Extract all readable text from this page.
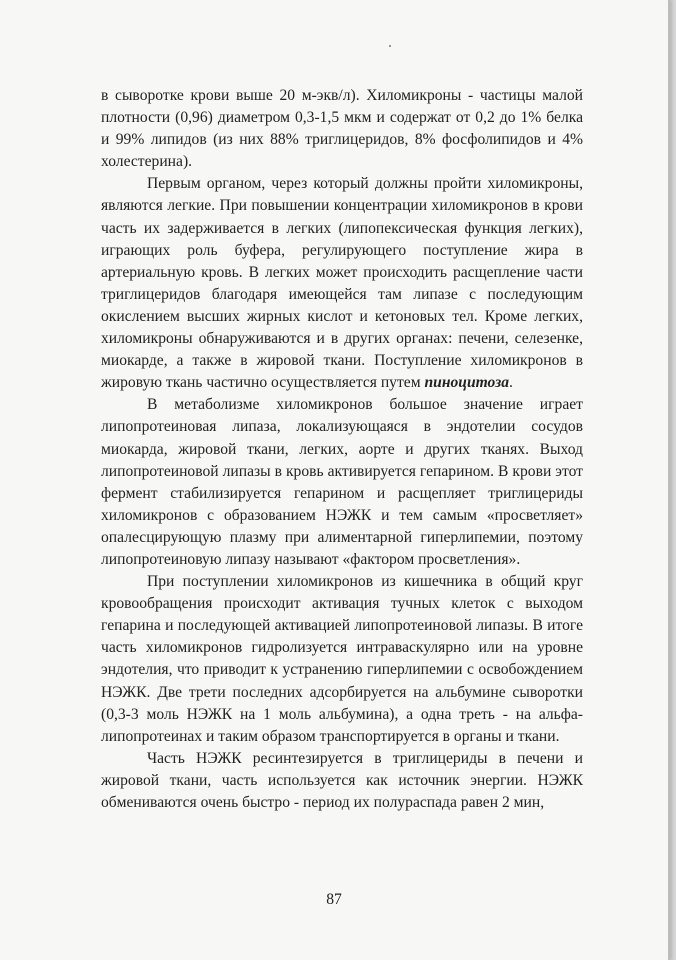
в сыворотке крови выше 20 м-экв/л). Хиломикроны - частицы малой плотности (0,96) диаметром 0,3-1,5 мкм и содержат от 0,2 до 1% белка и 99% липидов (из них 88% триглицеридов, 8% фосфолипидов и 4% холестерина).

Первым органом, через который должны пройти хиломикроны, являются легкие. При повышении концентрации хиломикронов в крови часть их задерживается в легких (липопексическая функция легких), играющих роль буфера, регулирующего поступление жира в артериальную кровь. В легких может происходить расщепление части триглицеридов благодаря имеющейся там липазе с последующим окислением высших жирных кислот и кетоновых тел. Кроме легких, хиломикроны обнаруживаются и в других органах: печени, селезенке, миокарде, а также в жировой ткани. Поступление хиломикронов в жировую ткань частично осуществляется путем пиноцитоза.

В метаболизме хиломикронов большое значение играет липопротеиновая липаза, локализующаяся в эндотелии сосудов миокарда, жировой ткани, легких, аорте и других тканях. Выход липопротеиновой липазы в кровь активируется гепарином. В крови этот фермент стабилизируется гепарином и расщепляет триглицериды хиломикронов с образованием НЭЖК и тем самым «просветляет» опалесцирующую плазму при алиментарной гиперлипемии, поэтому липопротеиновую липазу называют «фактором просветления».

При поступлении хиломикронов из кишечника в общий круг кровообращения происходит активация тучных клеток с выходом гепарина и последующей активацией липопротеиновой липазы. В итоге часть хиломикронов гидролизуется интраваскулярно или на уровне эндотелия, что приводит к устранению гиперлипемии с освобождением НЭЖК. Две трети последних адсорбируется на альбумине сыворотки (0,3-3 моль НЭЖК на 1 моль альбумина), а одна треть - на альфа-липопротеинах и таким образом транспортируется в органы и ткани.

Часть НЭЖК ресинтезируется в триглицериды в печени и жировой ткани, часть используется как источник энергии. НЭЖК обмениваются очень быстро - период их полураспада равен 2 мин,

87
